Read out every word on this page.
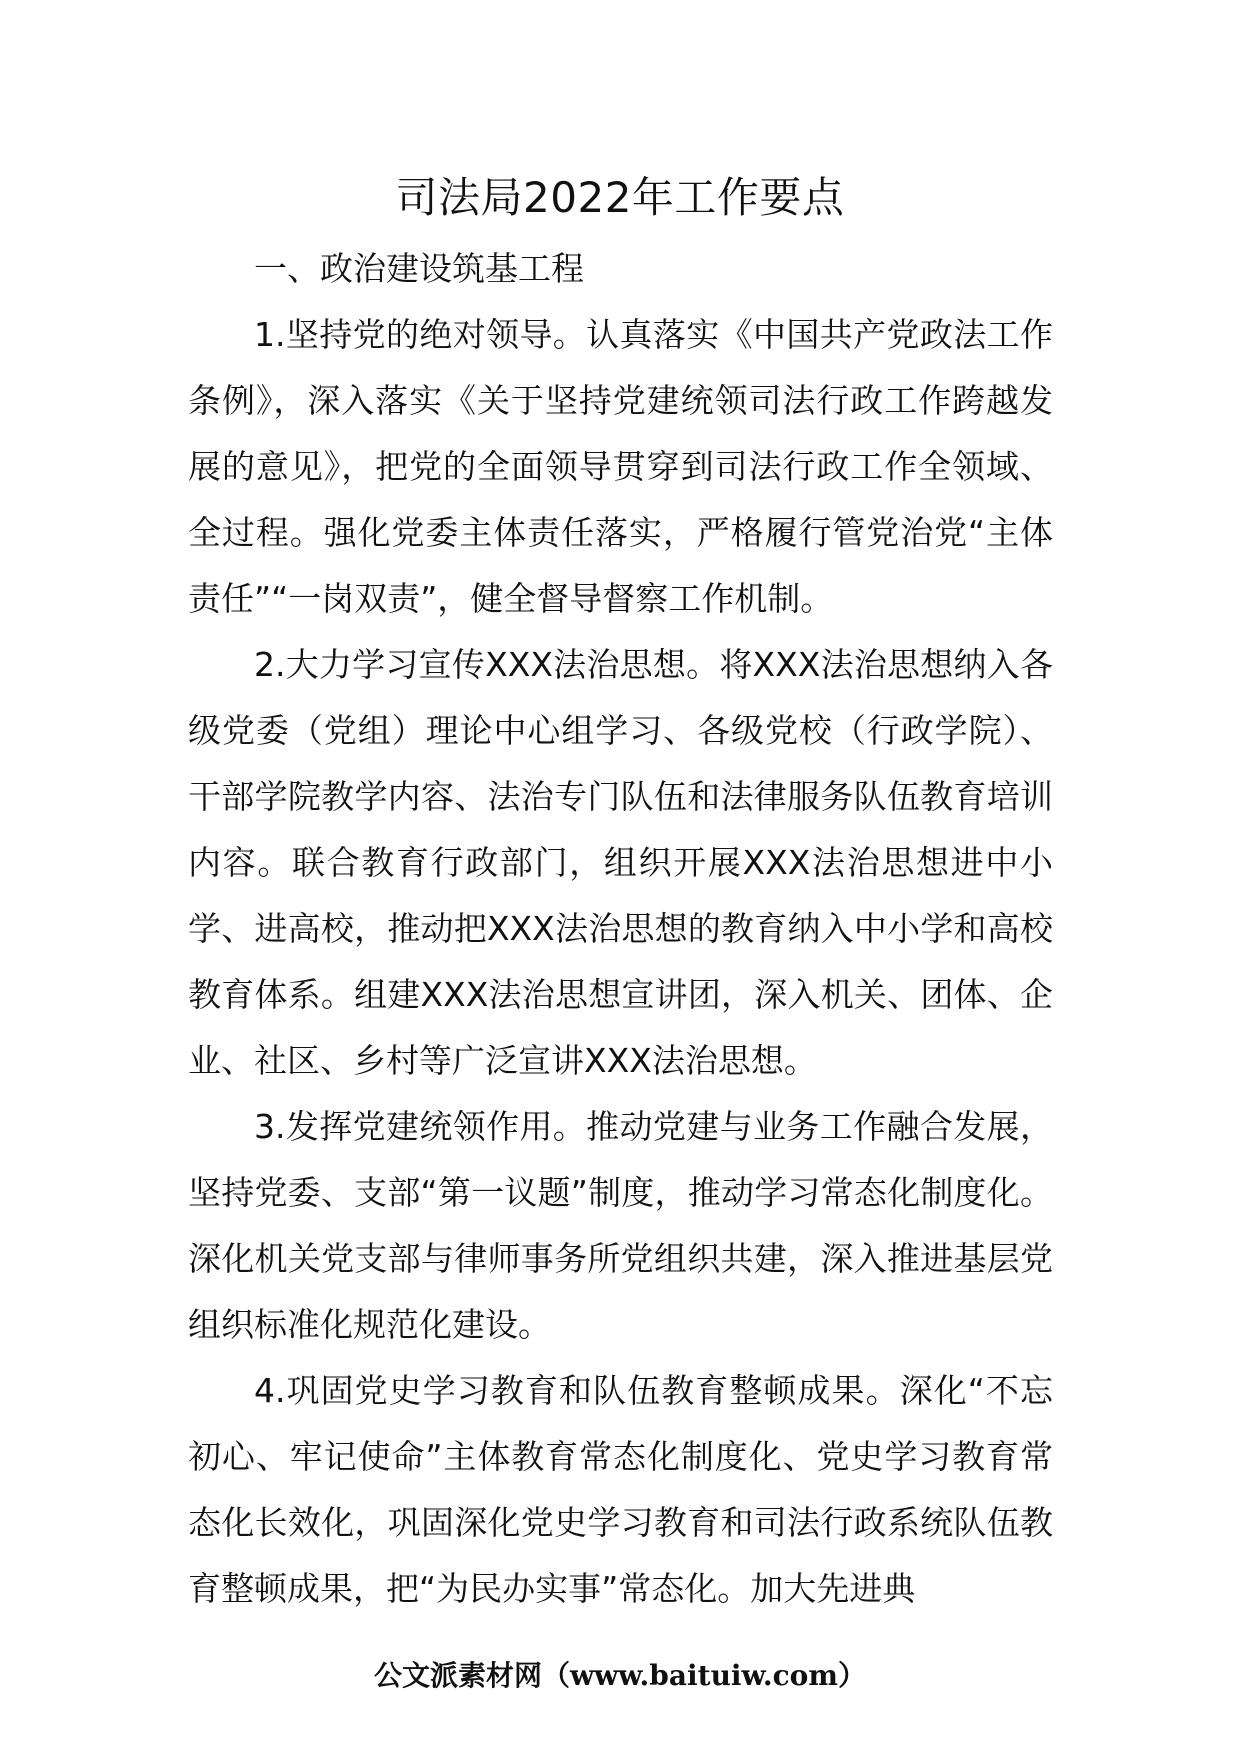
司法局2022年工作要点

一、政治建设筑基工程

1.坚持党的绝对领导。认真落实《中国共产党政法工作条例》，深入落实《关于坚持党建统领司法行政工作跨越发展的意见》，把党的全面领导贯穿到司法行政工作全领域、全过程。强化党委主体责任落实，严格履行管党治党“主体责任”“一岗双责”，健全督导督察工作机制。

2.大力学习宣传XXX法治思想。将XXX法治思想纳入各级党委（党组）理论中心组学习、各级党校（行政学院）、干部学院教学内容、法治专门队伍和法律服务队伍教育培训内容。联合教育行政部门，组织开展XXX法治思想进中小学、进高校，推动把XXX法治思想的教育纳入中小学和高校教育体系。组建XXX法治思想宣讲团，深入机关、团体、企业、社区、乡村等广泛宣讲XXX法治思想。

3.发挥党建统领作用。推动党建与业务工作融合发展，坚持党委、支部“第一议题”制度，推动学习常态化制度化。深化机关党支部与律师事务所党组织共建，深入推进基层党组织标准化规范化建设。

4.巩固党史学习教育和队伍教育整顿成果。深化“不忘初心、牢记使命”主体教育常态化制度化、党史学习教育常态化长效化，巩固深化党史学习教育和司法行政系统队伍教育整顿成果，把“为民办实事”常态化。加大先进典

公文派素材网（www.baituiw.com）
